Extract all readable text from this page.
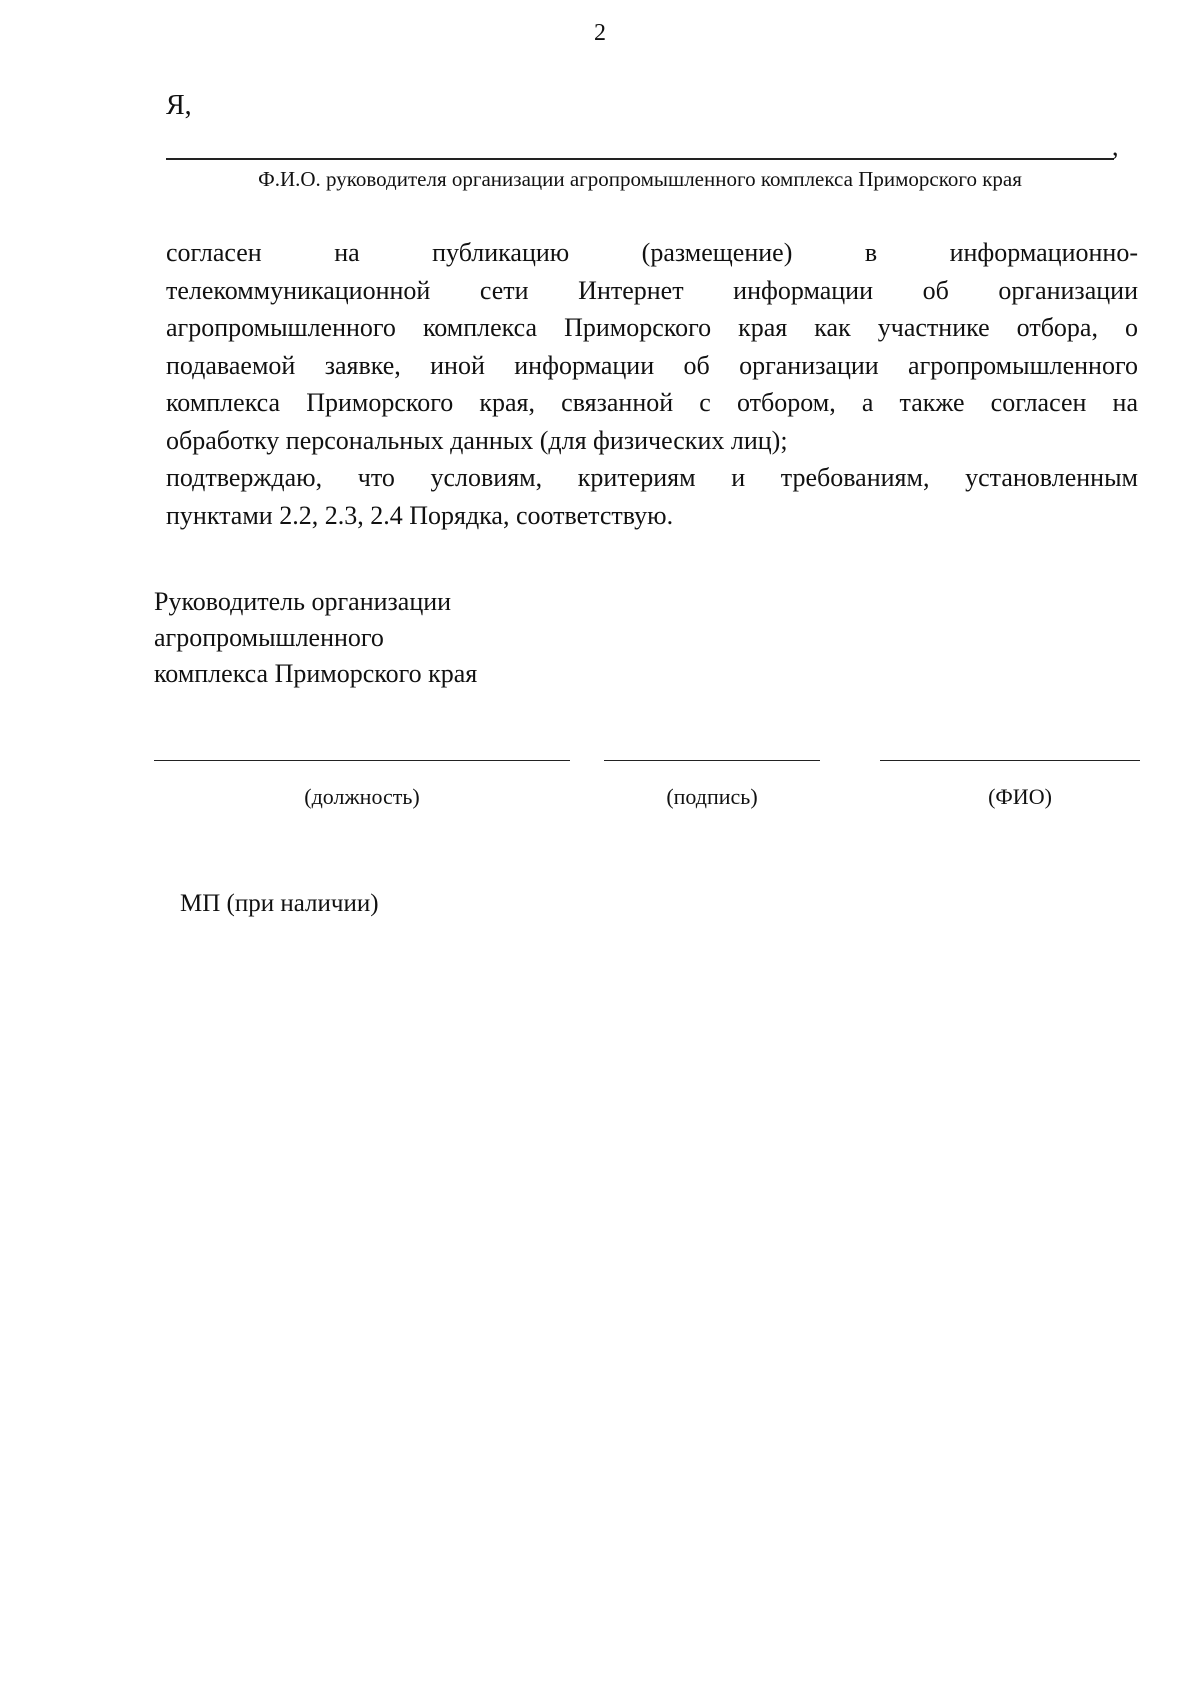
2
Я,
,
Ф.И.О. руководителя организации агропромышленного комплекса Приморского края

согласен на публикацию (размещение) в информационно-

телекоммуникационной сети Интернет информации об организации

агропромышленного комплекса Приморского края как участнике отбора, о

подаваемой заявке, иной информации об организации агропромышленного

комплекса Приморского края, связанной с отбором, а также согласен на

обработку персональных данных (для физических лиц);

подтверждаю, что условиям, критериям и требованиям, установленным

пунктами 2.2, 2.3, 2.4 Порядка, соответствую.

Руководитель организации
агропромышленного
комплекса Приморского края
(должность)	(подпись)	(ФИО)
МП (при наличии)
